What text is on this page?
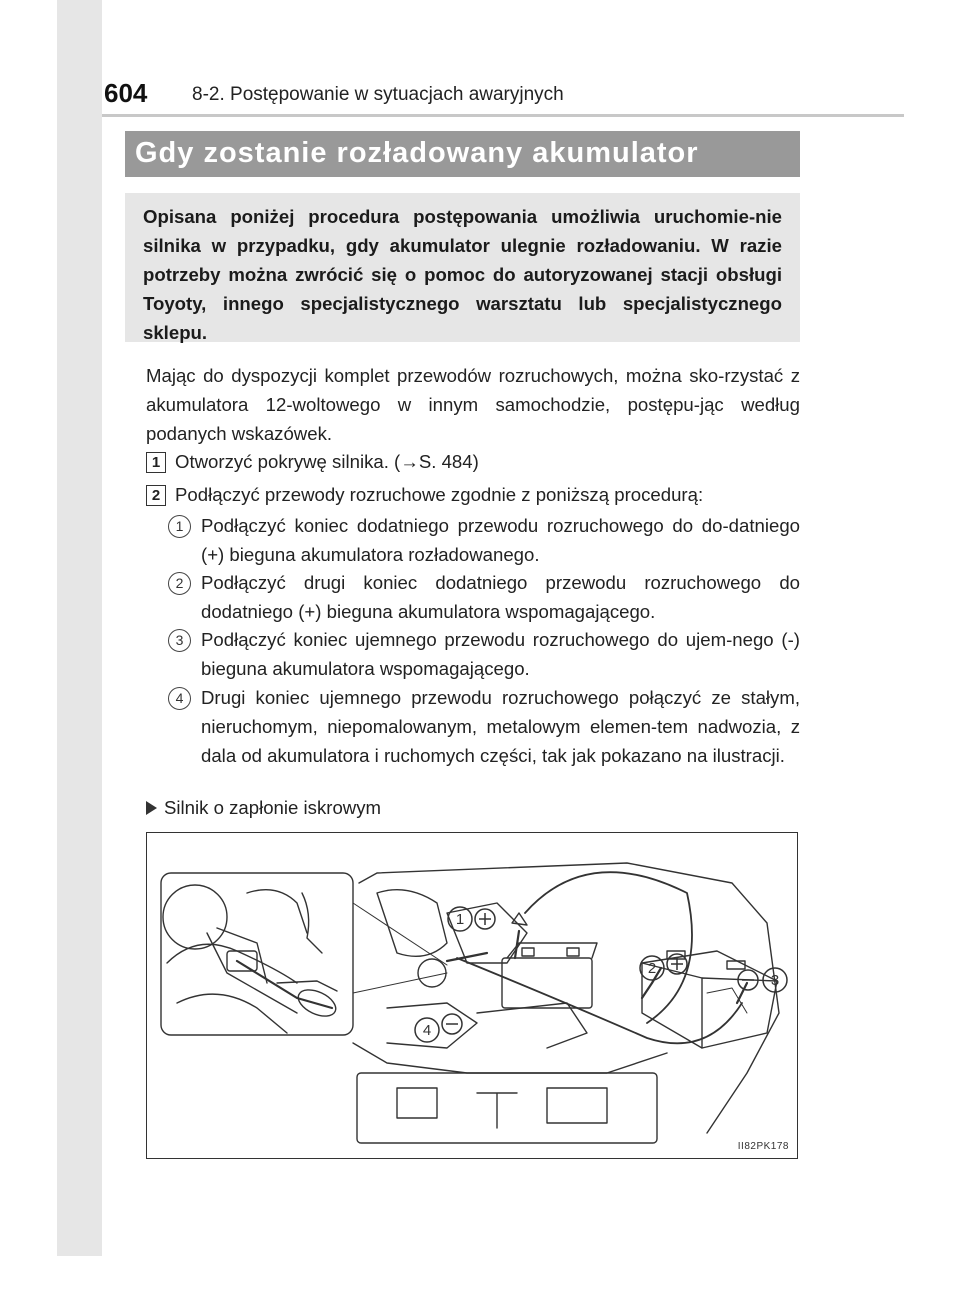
604 8-2. Postępowanie w sytuacjach awaryjnych
Gdy zostanie rozładowany akumulator
Opisana poniżej procedura postępowania umożliwia uruchomie-nie silnika w przypadku, gdy akumulator ulegnie rozładowaniu. W razie potrzeby można zwrócić się o pomoc do autoryzowanej stacji obsługi Toyoty, innego specjalistycznego warsztatu lub specjalistycznego sklepu.
Mając do dyspozycji komplet przewodów rozruchowych, można sko-rzystać z akumulatora 12-woltowego w innym samochodzie, postępu-jąc według podanych wskazówek.
1 Otworzyć pokrywę silnika. (→S. 484)
2 Podłączyć przewody rozruchowe zgodnie z poniższą procedurą:
1 Podłączyć koniec dodatniego przewodu rozruchowego do do-datniego (+) bieguna akumulatora rozładowanego.
2 Podłączyć drugi koniec dodatniego przewodu rozruchowego do dodatniego (+) bieguna akumulatora wspomagającego.
3 Podłączyć koniec ujemnego przewodu rozruchowego do ujem-nego (-) bieguna akumulatora wspomagającego.
4 Drugi koniec ujemnego przewodu rozruchowego połączyć ze stałym, nieruchomym, niepomalowanym, metalowym elemen-tem nadwozia, z dala od akumulatora i ruchomych części, tak jak pokazano na ilustracji.
Silnik o zapłonie iskrowym
1
2
3
4
II82PK178
